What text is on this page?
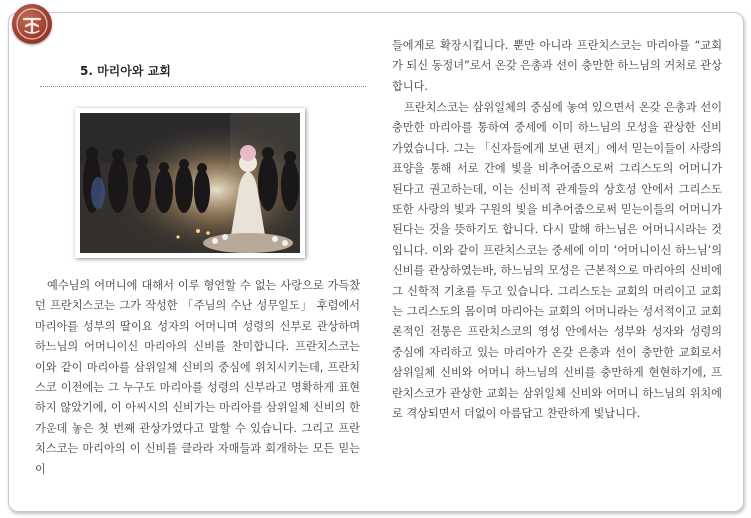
5. 마리아와 교회

예수님의 어머니에 대해서 이루 형언할 수 없는 사랑으로 가득찼던 프란치스코는 그가 작성한 「주님의 수난 성무일도」 후렴에서 마리아를 성부의 딸이요 성자의 어머니며 성령의 신부로 관상하며 하느님의 어머니이신 마리아의 신비를 찬미합니다. 프란치스코는 이와 같이 마리아를 삼위일체 신비의 중심에 위치시키는데, 프란치스코 이전에는 그 누구도 마리아를 성령의 신부라고 명확하게 표현하지 않았기에, 이 아씨시의 신비가는 마리아를 삼위일체 신비의 한가운데 놓은 첫 번째 관상가였다고 말할 수 있습니다. 그리고 프란치스코는 마리아의 이 신비를 클라라 자매들과 회개하는 모든 믿는이

들에게로 확장시킵니다. 뿐만 아니라 프란치스코는 마리아를 “교회가 되신 동정녀”로서 온갖 은총과 선이 충만한 하느님의 거처로 관상합니다.

프란치스코는 삼위일체의 중심에 놓여 있으면서 온갖 은총과 선이 충만한 마리아를 통하여 중세에 이미 하느님의 모성을 관상한 신비가였습니다. 그는 「신자들에게 보낸 편지」에서 믿는이들이 사랑의 표양을 통해 서로 간에 빛을 비추어줌으로써 그리스도의 어머니가 된다고 권고하는데, 이는 신비적 관계들의 상호성 안에서 그리스도 또한 사랑의 빛과 구원의 빛을 비추어줌으로써 믿는이들의 어머니가 된다는 것을 뜻하기도 합니다. 다시 말해 하느님은 어머니시라는 것입니다. 이와 같이 프란치스코는 중세에 이미 ‘어머니이신 하느님’의 신비를 관상하였는바, 하느님의 모성은 근본적으로 마리아의 신비에 그 신학적 기초를 두고 있습니다. 그리스도는 교회의 머리이고 교회는 그리스도의 몸이며 마리아는 교회의 어머니라는 성서적이고 교회론적인 전통은 프란치스코의 영성 안에서는 성부와 성자와 성령의 중심에 자리하고 있는 마리아가 온갖 은총과 선이 충만한 교회로서 삼위일체 신비와 어머니 하느님의 신비를 충만하게 현현하기에, 프란치스코가 관상한 교회는 삼위일체 신비와 어머니 하느님의 위치에로 격상되면서 더없이 아름답고 찬란하게 빛납니다.
